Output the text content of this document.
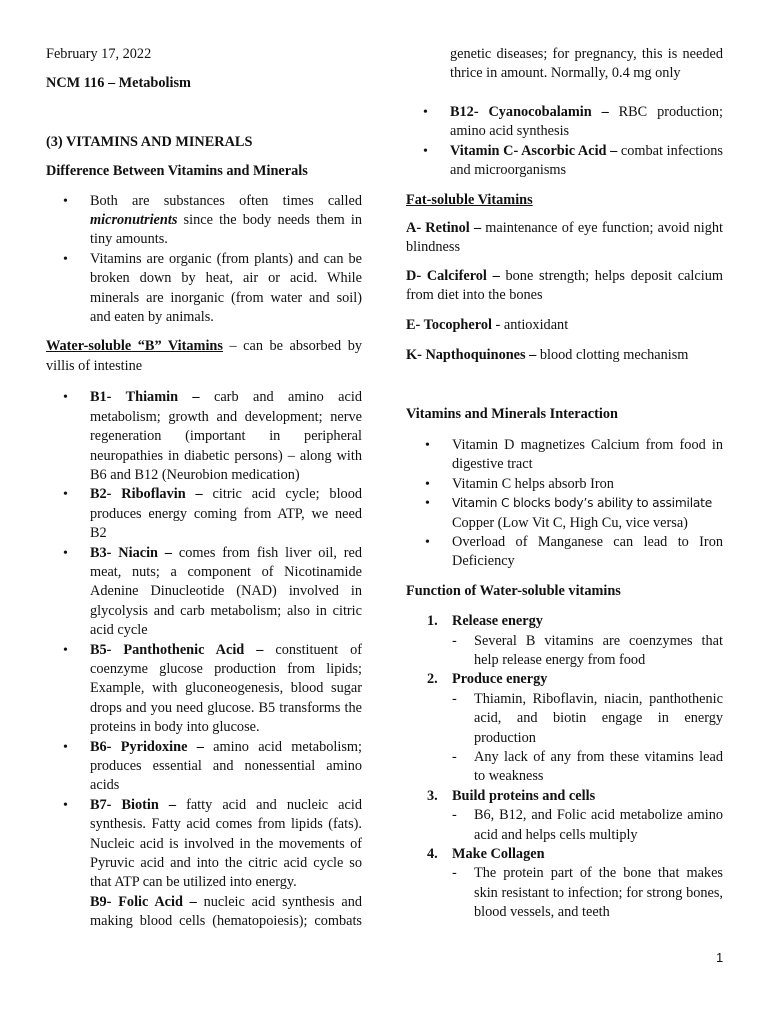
February 17, 2022

NCM 116 – Metabolism

(3) VITAMINS AND MINERALS

Difference Between Vitamins and Minerals

• Both are substances often times called micronutrients since the body needs them in tiny amounts.
• Vitamins are organic (from plants) and can be broken down by heat, air or acid. While minerals are inorganic (from water and soil) and eaten by animals.

Water-soluble “B” Vitamins – can be absorbed by villis of intestine

• B1- Thiamin – carb and amino acid metabolism; growth and development; nerve regeneration (important in peripheral neuropathies in diabetic persons) – along with B6 and B12 (Neurobion medication)
• B2- Riboflavin – citric acid cycle; blood produces energy coming from ATP, we need B2
• B3- Niacin – comes from fish liver oil, red meat, nuts; a component of Nicotinamide Adenine Dinucleotide (NAD) involved in glycolysis and carb metabolism; also in citric acid cycle
• B5- Panthothenic Acid – constituent of coenzyme glucose production from lipids; Example, with gluconeogenesis, blood sugar drops and you need glucose. B5 transforms the proteins in body into glucose.
• B6- Pyridoxine – amino acid metabolism; produces essential and nonessential amino acids
• B7- Biotin – fatty acid and nucleic acid synthesis. Fatty acid comes from lipids (fats). Nucleic acid is involved in the movements of Pyruvic acid and into the citric acid cycle so that ATP can be utilized into energy.
• B9- Folic Acid – nucleic acid synthesis and making blood cells (hematopoiesis); combats
genetic diseases; for pregnancy, this is needed thrice in amount. Normally, 0.4 mg only
• B12- Cyanocobalamin – RBC production; amino acid synthesis
• Vitamin C- Ascorbic Acid – combat infections and microorganisms

Fat-soluble Vitamins

A- Retinol – maintenance of eye function; avoid night blindness

D- Calciferol – bone strength; helps deposit calcium from diet into the bones

E- Tocopherol - antioxidant

K- Napthoquinones – blood clotting mechanism

Vitamins and Minerals Interaction

• Vitamin D magnetizes Calcium from food in digestive tract
• Vitamin C helps absorb Iron
• Vitamin C blocks body’s ability to assimilate
Copper (Low Vit C, High Cu, vice versa)
• Overload of Manganese can lead to Iron Deficiency

Function of Water-soluble vitamins

1. Release energy
- Several B vitamins are coenzymes that help release energy from food
2. Produce energy
- Thiamin, Riboflavin, niacin, panthothenic acid, and biotin engage in energy production
- Any lack of any from these vitamins lead to weakness
3. Build proteins and cells
- B6, B12, and Folic acid metabolize amino acid and helps cells multiply
4. Make Collagen
- The protein part of the bone that makes skin resistant to infection; for strong bones, blood vessels, and teeth
1
